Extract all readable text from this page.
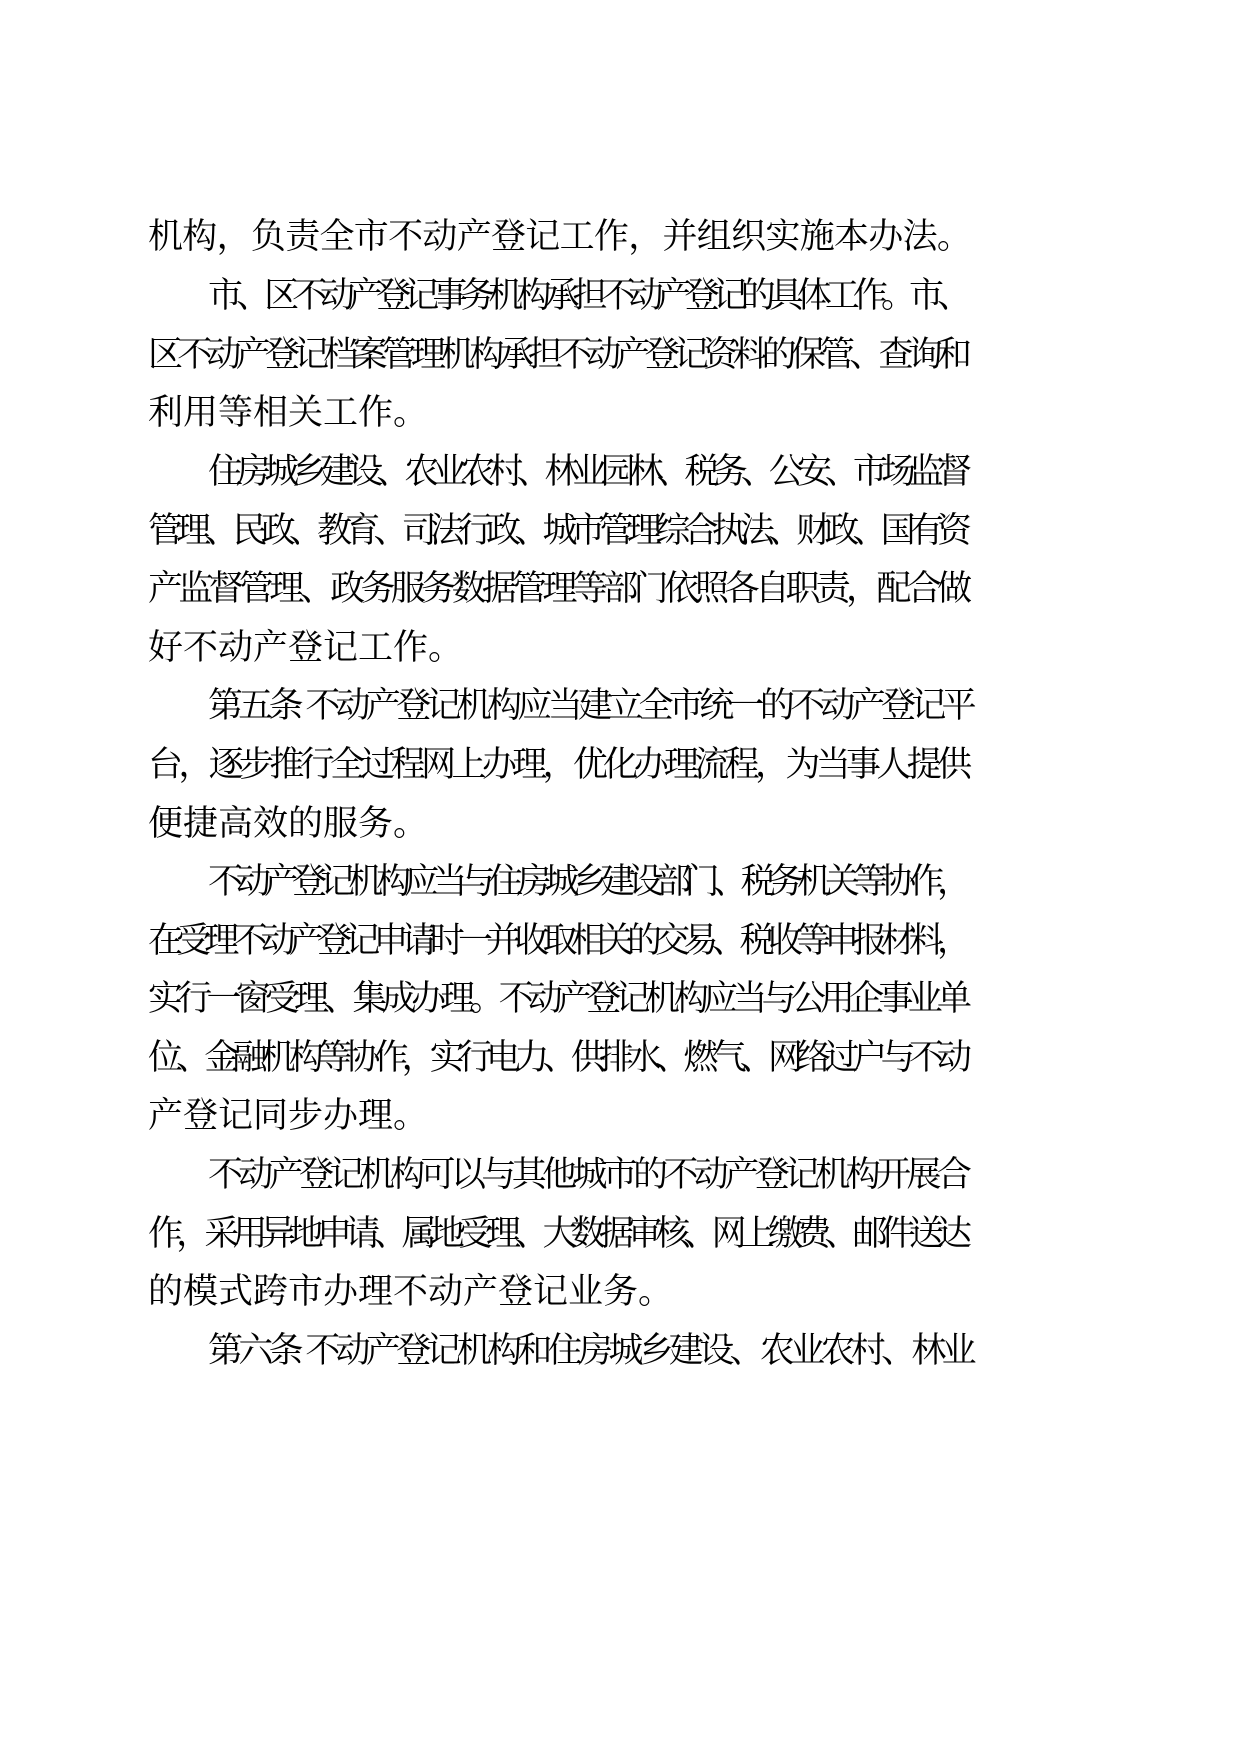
机构，负责全市不动产登记工作，并组织实施本办法。
市、区不动产登记事务机构承担不动产登记的具体工作。市、
区不动产登记档案管理机构承担不动产登记资料的保管、查询和
利用等相关工作。
住房城乡建设、农业农村、林业园林、税务、公安、市场监督
管理、民政、教育、司法行政、城市管理综合执法、财政、国有资
产监督管理、政务服务数据管理等部门依照各自职责，配合做
好不动产登记工作。
第五条 不动产登记机构应当建立全市统一的不动产登记平
台，逐步推行全过程网上办理，优化办理流程，为当事人提供
便捷高效的服务。
不动产登记机构应当与住房城乡建设部门、税务机关等协作，
在受理不动产登记申请时一并收取相关的交易、税收等申报材料，
实行一窗受理、集成办理。不动产登记机构应当与公用企事业单
位、金融机构等协作，实行电力、供排水、燃气、网络过户与不动
产登记同步办理。
不动产登记机构可以与其他城市的不动产登记机构开展合
作，采用异地申请、属地受理、大数据审核、网上缴费、邮件送达
的模式跨市办理不动产登记业务。
第六条 不动产登记机构和住房城乡建设、农业农村、林业
